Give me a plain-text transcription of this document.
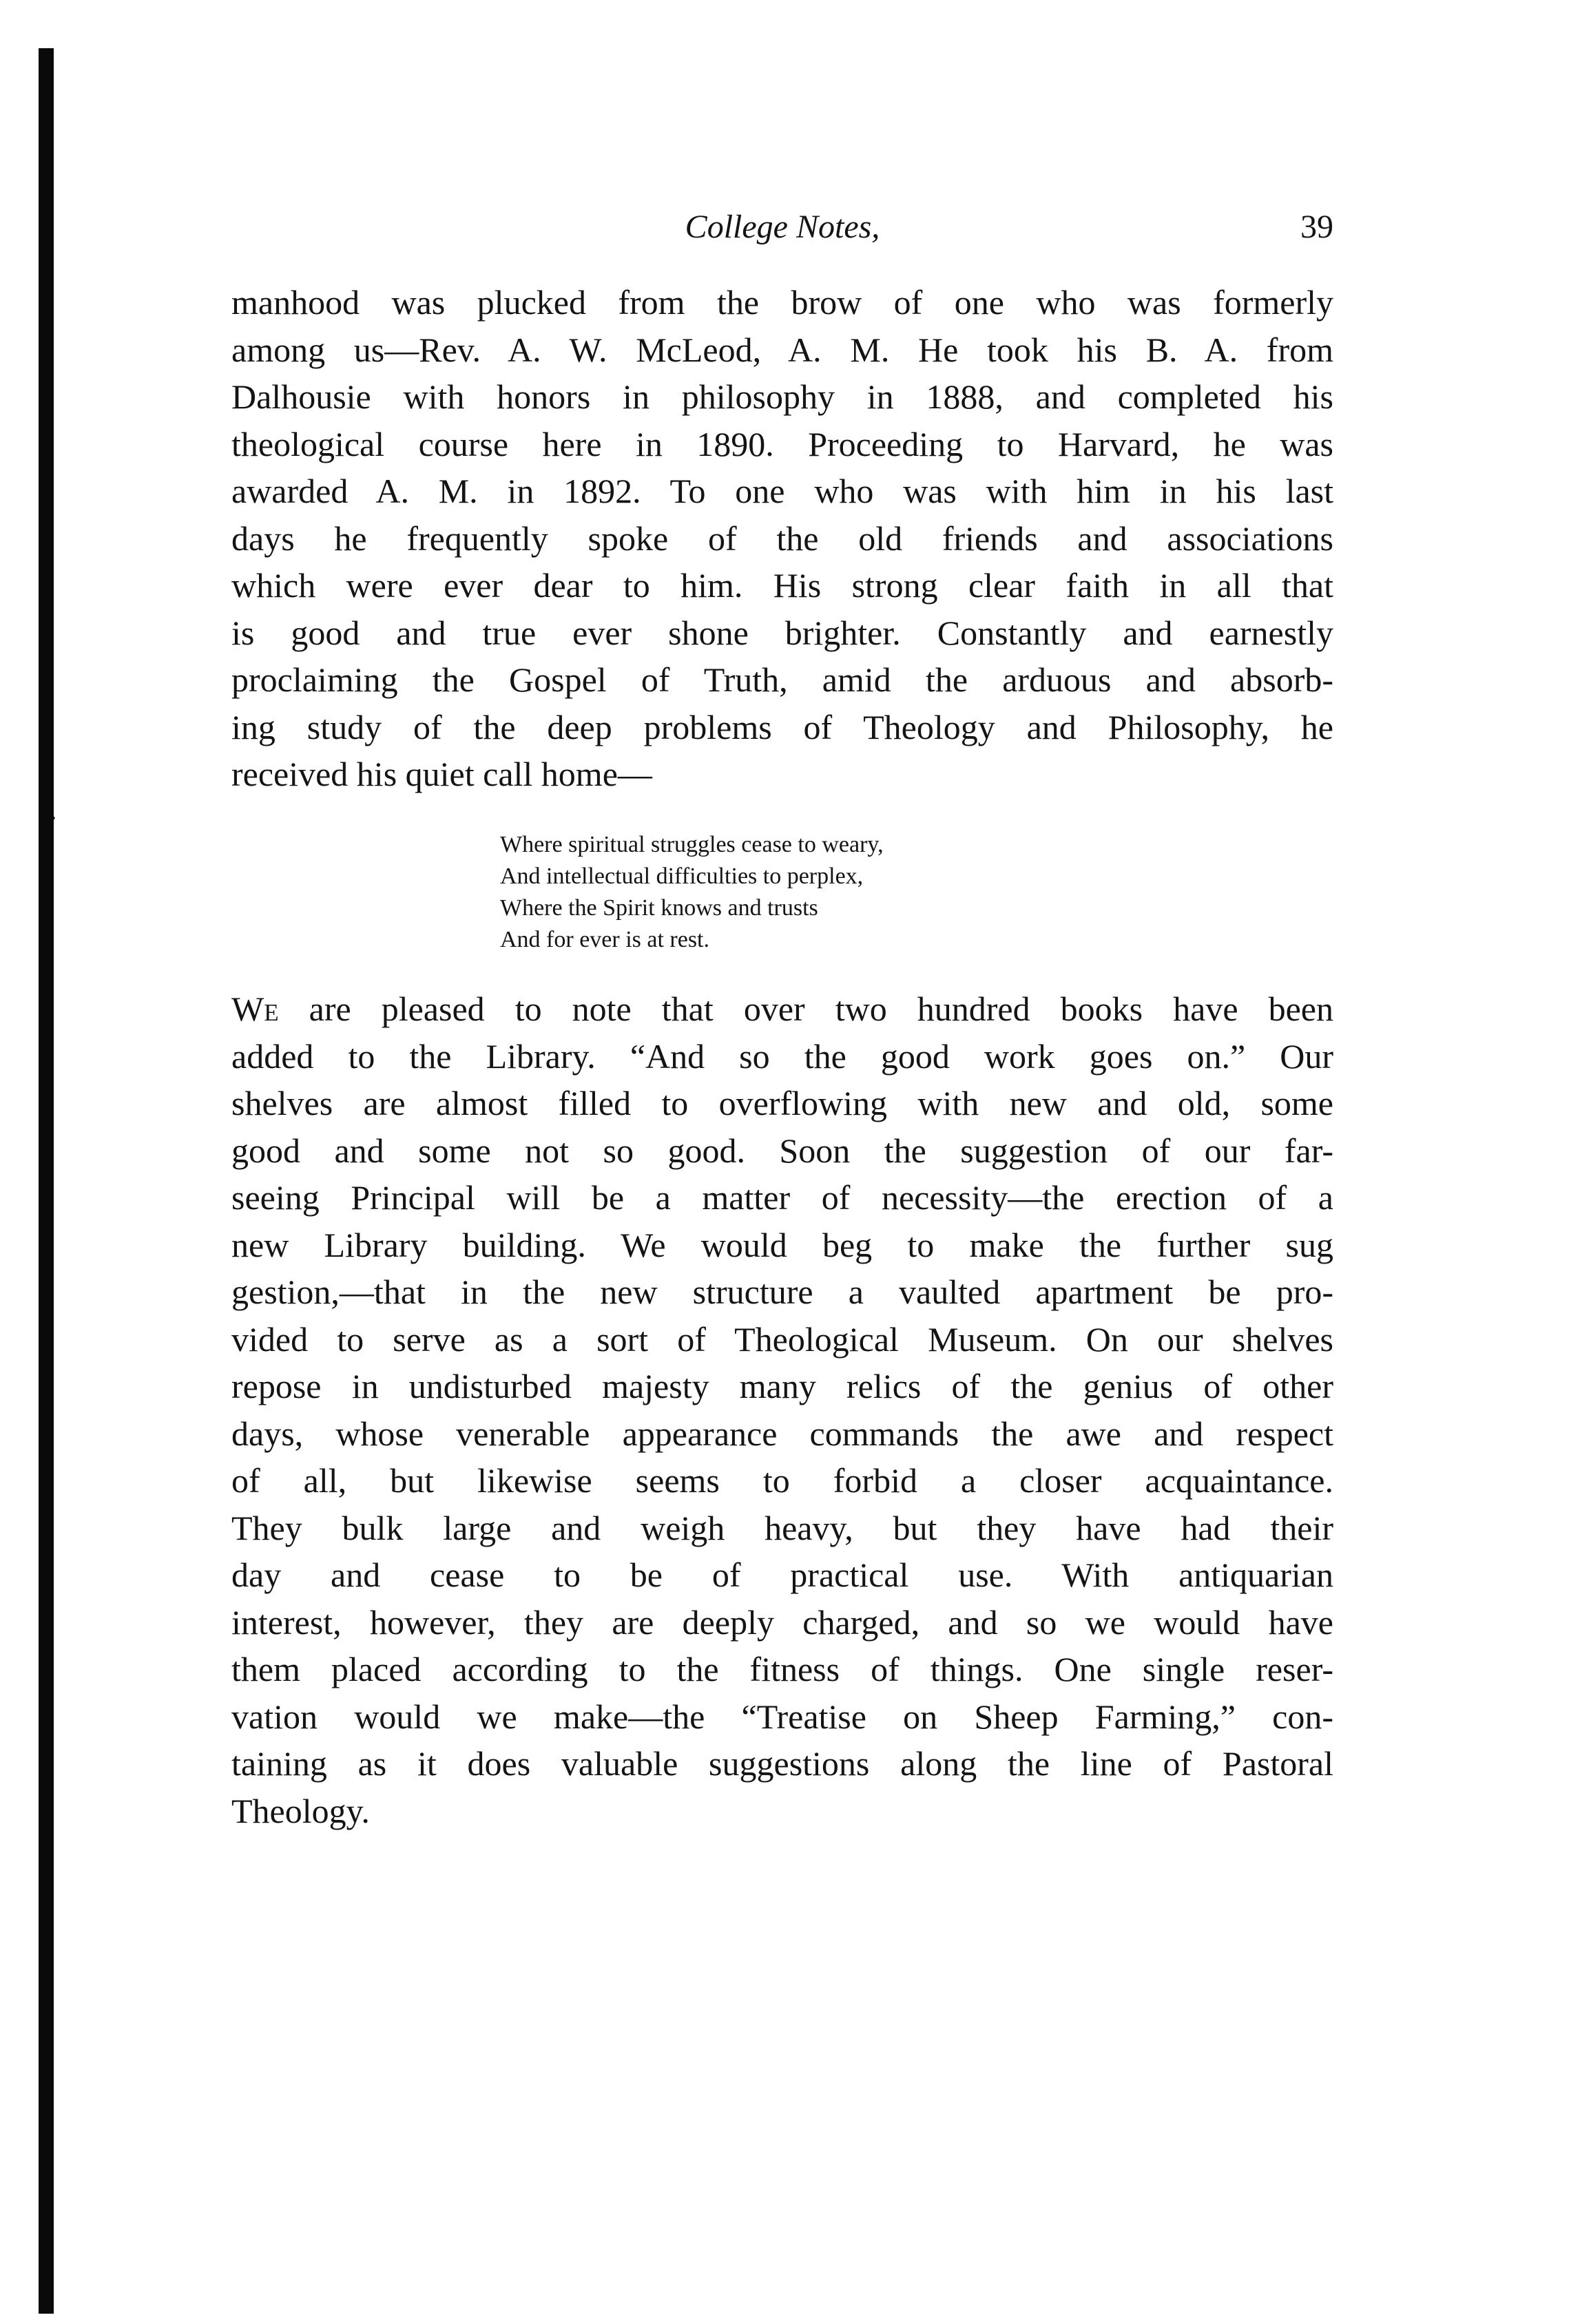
College Notes,	39
manhood was plucked from the brow of one who was formerly
among us—Rev. A. W. McLeod, A. M. He took his B. A. from
Dalhousie with honors in philosophy in 1888, and completed his
theological course here in 1890. Proceeding to Harvard, he was
awarded A. M. in 1892. To one who was with him in his last
days he frequently spoke of the old friends and associations
which were ever dear to him. His strong clear faith in all that
is good and true ever shone brighter. Constantly and earnestly
proclaiming the Gospel of Truth, amid the arduous and absorb-
ing study of the deep problems of Theology and Philosophy, he
received his quiet call home—
Where spiritual struggles cease to weary,
And intellectual difficulties to perplex,
Where the Spirit knows and trusts
And for ever is at rest.
We are pleased to note that over two hundred books have been
added to the Library. “And so the good work goes on.” Our
shelves are almost filled to overflowing with new and old, some
good and some not so good. Soon the suggestion of our far-
seeing Principal will be a matter of necessity—the erection of a
new Library building. We would beg to make the further sug
gestion,—that in the new structure a vaulted apartment be pro-
vided to serve as a sort of Theological Museum. On our shelves
repose in undisturbed majesty many relics of the genius of other
days, whose venerable appearance commands the awe and respect
of all, but likewise seems to forbid a closer acquaintance.
They bulk large and weigh heavy, but they have had their
day and cease to be of practical use. With antiquarian
interest, however, they are deeply charged, and so we would have
them placed according to the fitness of things. One single reser-
vation would we make—the “Treatise on Sheep Farming,” con-
taining as it does valuable suggestions along the line of Pastoral
Theology.
